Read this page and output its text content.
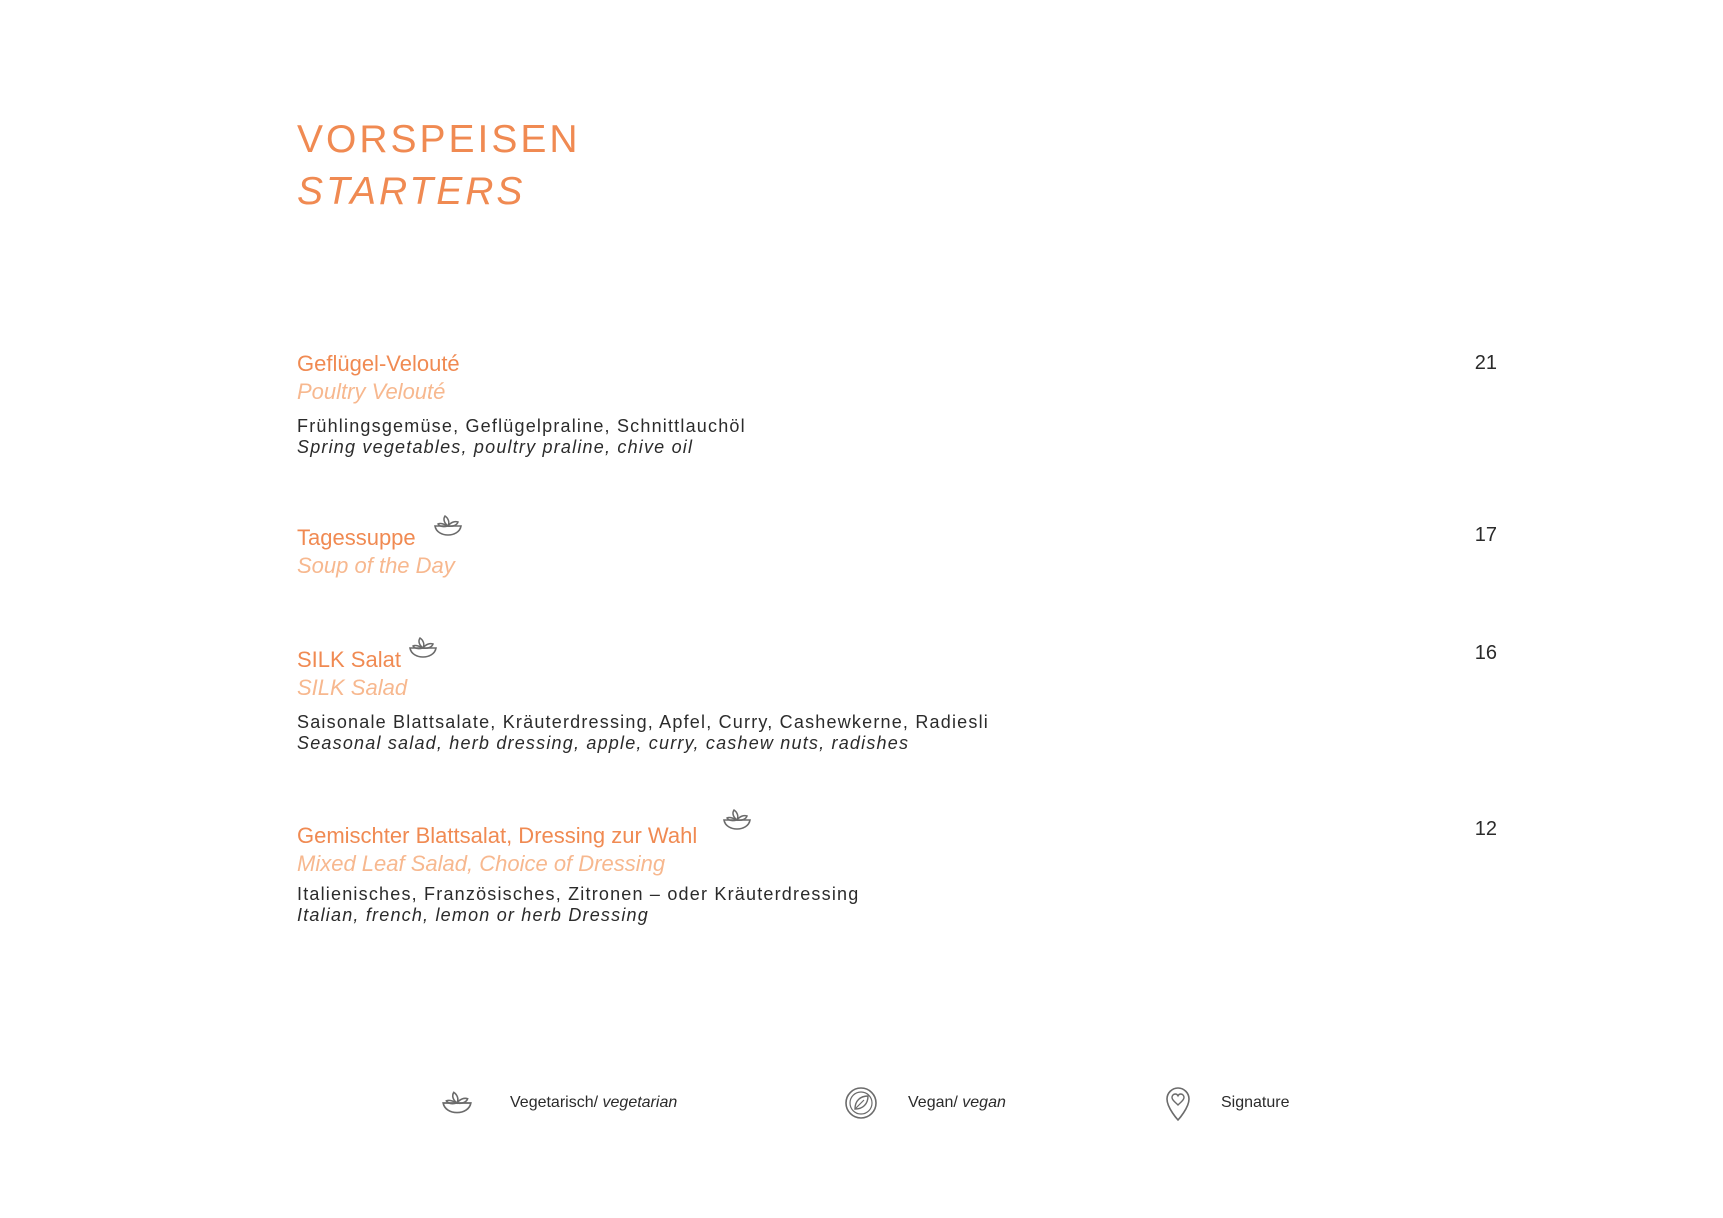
VORSPEISEN
STARTERS
Geflügel-Velouté
Poultry Velouté
Frühlingsgemüse, Geflügelpraline, Schnittlauchöl
Spring vegetables, poultry praline, chive oil
21
Tagessuppe
Soup of the Day
17
SILK Salat
SILK Salad
Saisonale Blattsalate, Kräuterdressing, Apfel, Curry, Cashewkerne, Radiesli
Seasonal salad, herb dressing, apple, curry, cashew nuts, radishes
16
Gemischter Blattsalat, Dressing zur Wahl
Mixed Leaf Salad, Choice of Dressing
Italienisches, Französisches, Zitronen – oder Kräuterdressing
Italian, french, lemon or herb Dressing
12
Vegetarisch/ vegetarian	Vegan/ vegan	Signature
